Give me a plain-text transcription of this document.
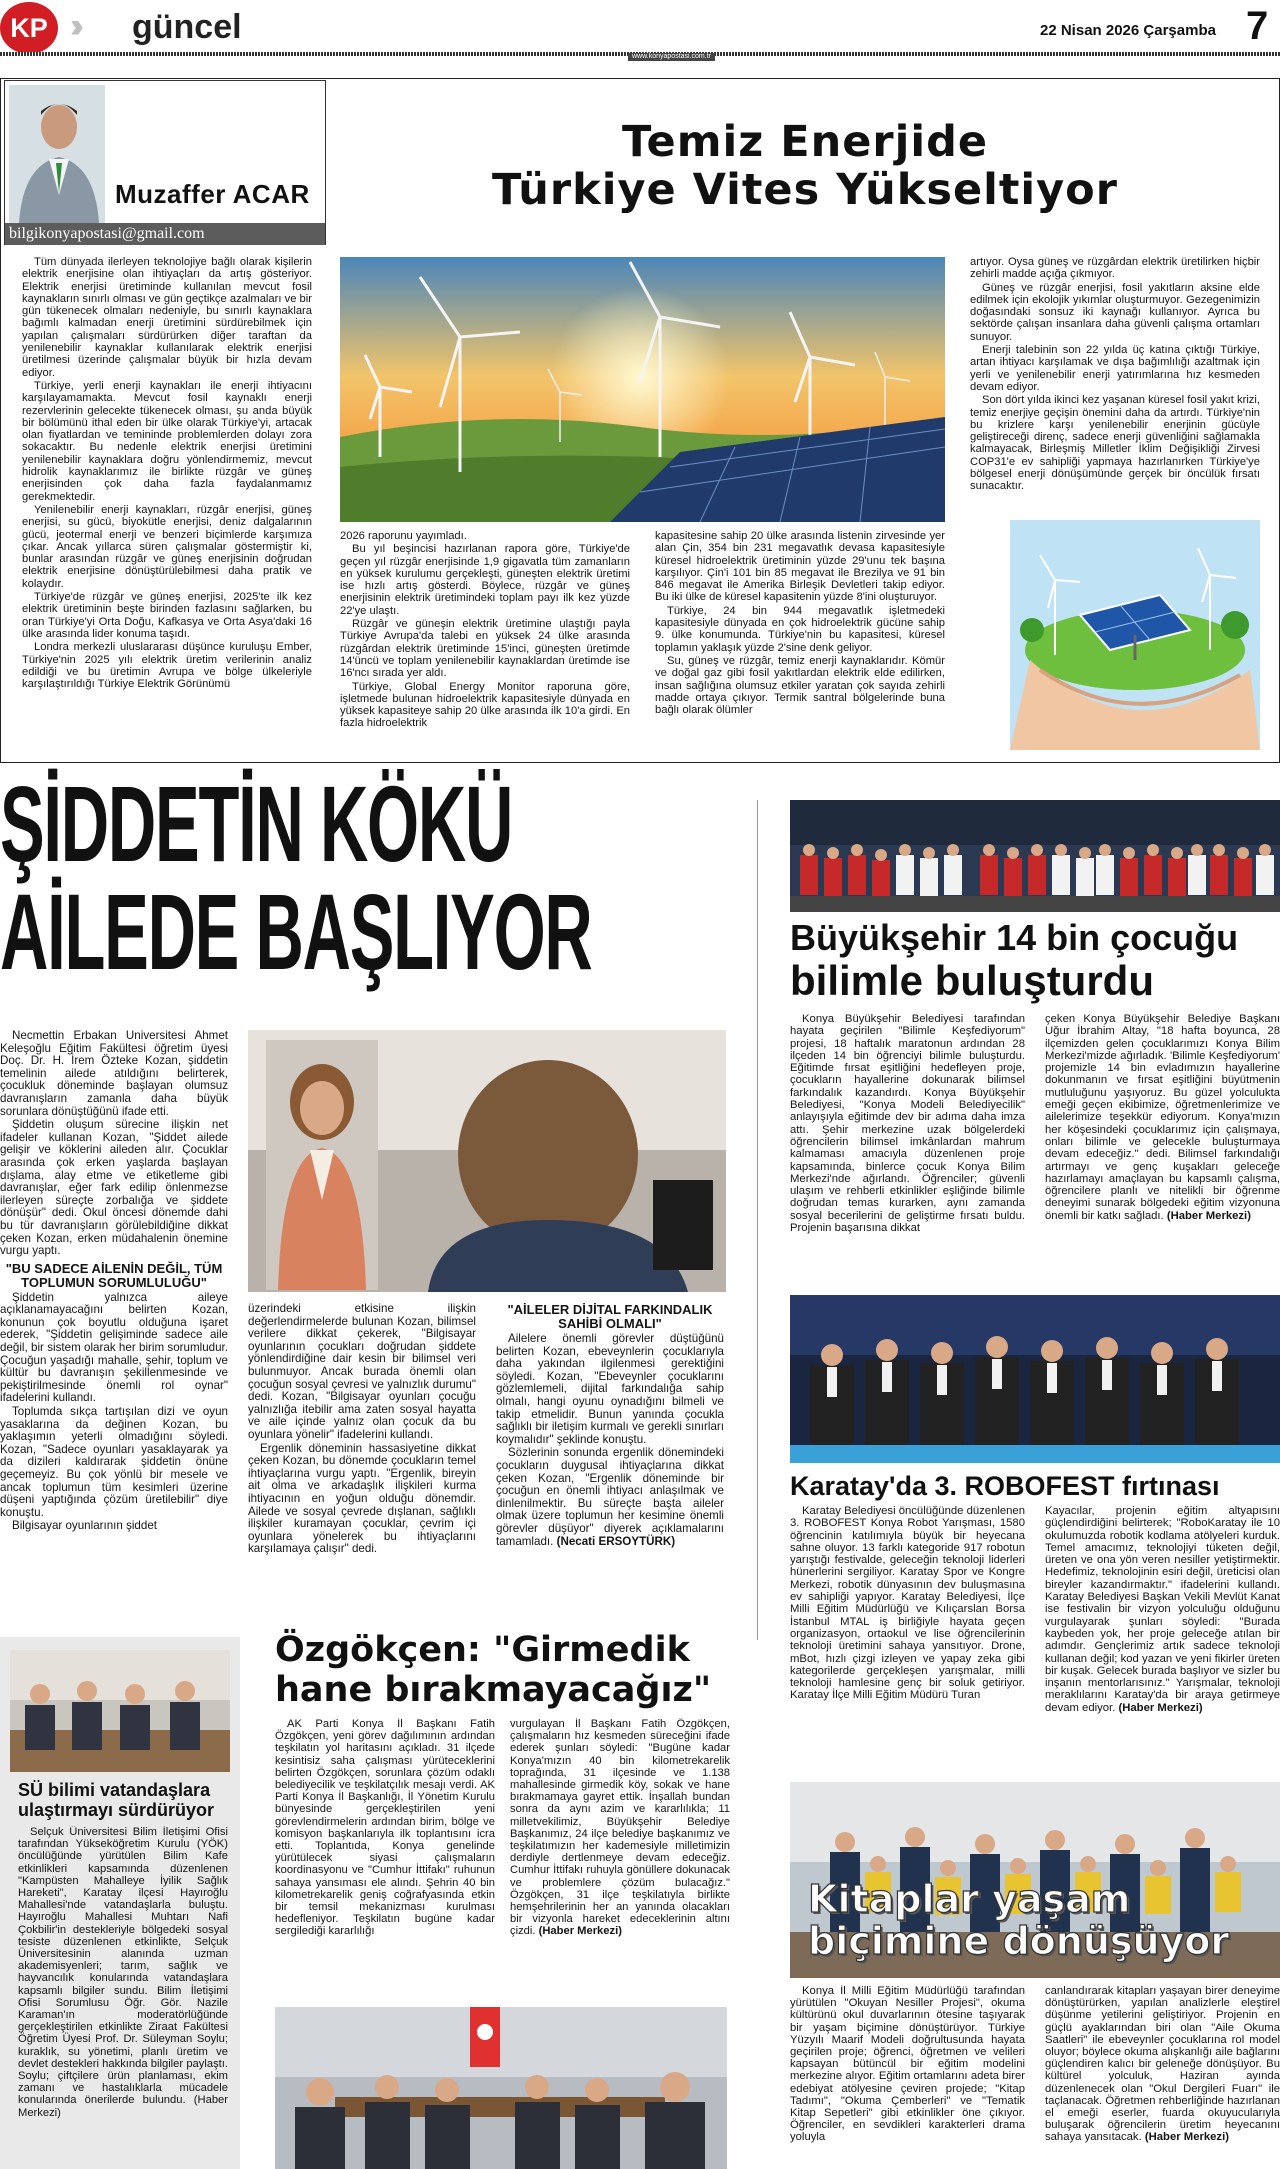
KP ››› güncel	22 Nisan 2026 Çarşamba 7
www.konyapostasi.com.tr
Muzaffer ACAR
bilgikonyapostasi@gmail.com
Temiz Enerjide
Türkiye Vites Yükseltiyor

Tüm dünyada ilerleyen teknolojiye bağlı olarak kişilerin elektrik enerjisine olan ihtiyaçları da artış gösteriyor. Elektrik enerjisi üretiminde kullanılan mevcut fosil kaynakların sınırlı olması ve gün geçtikçe azalmaları ve bir gün tükenecek olmaları nedeniyle, bu sınırlı kaynaklara bağımlı kalmadan enerji üretimini sürdürebilmek için yapılan çalışmaları sürdürürken diğer taraftan da yenilenebilir kaynaklar kullanılarak elektrik enerjisi üretilmesi üzerinde çalışmalar büyük bir hızla devam ediyor.

Türkiye, yerli enerji kaynakları ile enerji ihtiyacını karşılayamamakta. Mevcut fosil kaynaklı enerji rezervlerinin gelecekte tükenecek olması, şu anda büyük bir bölümünü ithal eden bir ülke olarak Türkiye'yi, artacak olan fiyatlardan ve temininde problemlerden dolayı zora sokacaktır. Bu nedenle elektrik enerjisi üretimini yenilenebilir kaynaklara doğru yönlendirmemiz, mevcut hidrolik kaynaklarımız ile birlikte rüzgâr ve güneş enerjisinden çok daha fazla faydalanmamız gerekmektedir.

Yenilenebilir enerji kaynakları, rüzgâr enerjisi, güneş enerjisi, su gücü, biyokütle enerjisi, deniz dalgalarının gücü, jeotermal enerji ve benzeri biçimlerde karşımıza çıkar. Ancak yıllarca süren çalışmalar göstermiştir ki, bunlar arasından rüzgâr ve güneş enerjisinin doğrudan elektrik enerjisine dönüştürülebilmesi daha pratik ve kolaydır.

Türkiye'de rüzgâr ve güneş enerjisi, 2025'te ilk kez elektrik üretiminin beşte birinden fazlasını sağlarken, bu oran Türkiye'yi Orta Doğu, Kafkasya ve Orta Asya'daki 16 ülke arasında lider konuma taşıdı.

Londra merkezli uluslararası düşünce kuruluşu Ember, Türkiye'nin 2025 yılı elektrik üretim verilerinin analiz edildiği ve bu üretimin Avrupa ve bölge ülkeleriyle karşılaştırıldığı Türkiye Elektrik Görünümü

2026 raporunu yayımladı.

Bu yıl beşincisi hazırlanan rapora göre, Türkiye'de geçen yıl rüzgâr enerjisinde 1,9 gigavatla tüm zamanların en yüksek kurulumu gerçekleşti, güneşten elektrik üretimi ise hızlı artış gösterdi. Böylece, rüzgâr ve güneş enerjisinin elektrik üretimindeki toplam payı ilk kez yüzde 22'ye ulaştı.

Rüzgâr ve güneşin elektrik üretimine ulaştığı payla Türkiye Avrupa'da talebi en yüksek 24 ülke arasında rüzgârdan elektrik üretiminde 15'inci, güneşten üretimde 14'üncü ve toplam yenilenebilir kaynaklardan üretimde ise 16'ncı sırada yer aldı.

Türkiye, Global Energy Monitor raporuna göre, işletmede bulunan hidroelektrik kapasitesiyle dünyada en yüksek kapasiteye sahip 20 ülke arasında ilk 10'a girdi. En fazla hidroelektrik

kapasitesine sahip 20 ülke arasında listenin zirvesinde yer alan Çin, 354 bin 231 megavatlık devasa kapasitesiyle küresel hidroelektrik üretiminin yüzde 29'unu tek başına karşılıyor. Çin'i 101 bin 85 megavat ile Brezilya ve 91 bin 846 megavat ile Amerika Birleşik Devletleri takip ediyor. Bu iki ülke de küresel kapasitenin yüzde 8'ini oluşturuyor.

Türkiye, 24 bin 944 megavatlık işletmedeki kapasitesiyle dünyada en çok hidroelektrik gücüne sahip 9. ülke konumunda. Türkiye'nin bu kapasitesi, küresel toplamın yaklaşık yüzde 2'sine denk geliyor.

Su, güneş ve rüzgâr, temiz enerji kaynaklarıdır. Kömür ve doğal gaz gibi fosil yakıtlardan elektrik elde edilirken, insan sağlığına olumsuz etkiler yaratan çok sayıda zehirli madde ortaya çıkıyor. Termik santral bölgelerinde buna bağlı olarak ölümler

artıyor. Oysa güneş ve rüzgârdan elektrik üretilirken hiçbir zehirli madde açığa çıkmıyor.

Güneş ve rüzgâr enerjisi, fosil yakıtların aksine elde edilmek için ekolojik yıkımlar oluşturmuyor. Gezegenimizin doğasındaki sonsuz iki kaynağı kullanıyor. Ayrıca bu sektörde çalışan insanlara daha güvenli çalışma ortamları sunuyor.

Enerji talebinin son 22 yılda üç katına çıktığı Türkiye, artan ihtiyacı karşılamak ve dışa bağımlılığı azaltmak için yerli ve yenilenebilir enerji yatırımlarına hız kesmeden devam ediyor.

Son dört yılda ikinci kez yaşanan küresel fosil yakıt krizi, temiz enerjiye geçişin önemini daha da artırdı. Türkiye'nin bu krizlere karşı yenilenebilir enerjinin gücüyle geliştireceği direnç, sadece enerji güvenliğini sağlamakla kalmayacak, Birleşmiş Milletler İklim Değişikliği Zirvesi COP31'e ev sahipliği yapmaya hazırlanırken Türkiye'ye bölgesel enerji dönüşümünde gerçek bir öncülük fırsatı sunacaktır.

ŞİDDETİN KÖKÜ
AİLEDE BAŞLIYOR

Necmettin Erbakan Üniversitesi Ahmet Keleşoğlu Eğitim Fakültesi öğretim üyesi Doç. Dr. H. İrem Özteke Kozan, şiddetin temelinin ailede atıldığını belirterek, çocukluk döneminde başlayan olumsuz davranışların zamanla daha büyük sorunlara dönüştüğünü ifade etti.

Şiddetin oluşum sürecine ilişkin net ifadeler kullanan Kozan, "Şiddet ailede gelişir ve köklerini aileden alır. Çocuklar arasında çok erken yaşlarda başlayan dışlama, alay etme ve etiketleme gibi davranışlar, eğer fark edilip önlenmezse ilerleyen süreçte zorbalığa ve şiddete dönüşür" dedi. Okul öncesi dönemde dahi bu tür davranışların görülebildiğine dikkat çeken Kozan, erken müdahalenin önemine vurgu yaptı.

"BU SADECE AİLENİN DEĞİL, TÜM TOPLUMUN SORUMLULUĞU"

Şiddetin yalnızca aileye açıklanamayacağını belirten Kozan, konunun çok boyutlu olduğuna işaret ederek, "Şiddetin gelişiminde sadece aile değil, bir sistem olarak her birim sorumludur. Çocuğun yaşadığı mahalle, şehir, toplum ve kültür bu davranışın şekillenmesinde ve pekiştirilmesinde önemli rol oynar" ifadelerini kullandı.

Toplumda sıkça tartışılan dizi ve oyun yasaklarına da değinen Kozan, bu yaklaşımın yeterli olmadığını söyledi. Kozan, "Sadece oyunları yasaklayarak ya da dizileri kaldırarak şiddetin önüne geçemeyiz. Bu çok yönlü bir mesele ve ancak toplumun tüm kesimleri üzerine düşeni yaptığında çözüm üretilebilir" diye konuştu.

Bilgisayar oyunlarının şiddet

üzerindeki etkisine ilişkin değerlendirmelerde bulunan Kozan, bilimsel verilere dikkat çekerek, "Bilgisayar oyunlarının çocukları doğrudan şiddete yönlendirdiğine dair kesin bir bilimsel veri bulunmuyor. Ancak burada önemli olan çocuğun sosyal çevresi ve yalnızlık durumu" dedi. Kozan, "Bilgisayar oyunları çocuğu yalnızlığa itebilir ama zaten sosyal hayatta ve aile içinde yalnız olan çocuk da bu oyunlara yönelir" ifadelerini kullandı.

Ergenlik döneminin hassasiyetine dikkat çeken Kozan, bu dönemde çocukların temel ihtiyaçlarına vurgu yaptı. "Ergenlik, bireyin ait olma ve arkadaşlık ilişkileri kurma ihtiyacının en yoğun olduğu dönemdir. Ailede ve sosyal çevrede dışlanan, sağlıklı ilişkiler kuramayan çocuklar, çevrim içi oyunlara yönelerek bu ihtiyaçlarını karşılamaya çalışır" dedi.

"AİLELER DİJİTAL FARKINDALIK SAHİBİ OLMALI"

Ailelere önemli görevler düştüğünü belirten Kozan, ebeveynlerin çocuklarıyla daha yakından ilgilenmesi gerektiğini söyledi. Kozan, "Ebeveynler çocuklarını gözlemlemeli, dijital farkındalığa sahip olmalı, hangi oyunu oynadığını bilmeli ve takip etmelidir. Bunun yanında çocukla sağlıklı bir iletişim kurmalı ve gerekli sınırları koymalıdır" şeklinde konuştu.

Sözlerinin sonunda ergenlik dönemindeki çocukların duygusal ihtiyaçlarına dikkat çeken Kozan, "Ergenlik döneminde bir çocuğun en önemli ihtiyacı anlaşılmak ve dinlenilmektir. Bu süreçte başta aileler olmak üzere toplumun her kesimine önemli görevler düşüyor" diyerek açıklamalarını tamamladı. (Necati ERSOYTÜRK)

Büyükşehir 14 bin çocuğu
bilimle buluşturdu

Konya Büyükşehir Belediyesi tarafından hayata geçirilen "Bilimle Keşfediyorum" projesi, 18 haftalık maratonun ardından 28 ilçeden 14 bin öğrenciyi bilimle buluşturdu. Eğitimde fırsat eşitliğini hedefleyen proje, çocukların hayallerine dokunarak bilimsel farkındalık kazandırdı. Konya Büyükşehir Belediyesi, "Konya Modeli Belediyecilik" anlayışıyla eğitimde dev bir adıma daha imza attı. Şehir merkezine uzak bölgelerdeki öğrencilerin bilimsel imkânlardan mahrum kalmaması amacıyla düzenlenen proje kapsamında, binlerce çocuk Konya Bilim Merkezi'nde ağırlandı. Öğrenciler; güvenli ulaşım ve rehberli etkinlikler eşliğinde bilimle doğrudan temas kurarken, aynı zamanda sosyal becerilerini de geliştirme fırsatı buldu. Projenin başarısına dikkat

çeken Konya Büyükşehir Belediye Başkanı Uğur İbrahim Altay, "18 hafta boyunca, 28 ilçemizden gelen çocuklarımızı Konya Bilim Merkezi'mizde ağırladık. 'Bilimle Keşfediyorum' projemizle 14 bin evladımızın hayallerine dokunmanın ve fırsat eşitliğini büyütmenin mutluluğunu yaşıyoruz. Bu güzel yolculukta emeği geçen ekibimize, öğretmenlerimize ve ailelerimize teşekkür ediyorum. Konya'mızın her köşesindeki çocuklarımız için çalışmaya, onları bilimle ve gelecekle buluşturmaya devam edeceğiz." dedi. Bilimsel farkındalığı artırmayı ve genç kuşakları geleceğe hazırlamayı amaçlayan bu kapsamlı çalışma, öğrencilere planlı ve nitelikli bir öğrenme deneyimi sunarak bölgedeki eğitim vizyonuna önemli bir katkı sağladı. (Haber Merkezi)

Karatay'da 3. ROBOFEST fırtınası

Karatay Belediyesi öncülüğünde düzenlenen 3. ROBOFEST Konya Robot Yarışması, 1580 öğrencinin katılımıyla büyük bir heyecana sahne oluyor. 13 farklı kategoride 917 robotun yarıştığı festivalde, geleceğin teknoloji liderleri hünerlerini sergiliyor. Karatay Spor ve Kongre Merkezi, robotik dünyasının dev buluşmasına ev sahipliği yapıyor. Karatay Belediyesi, İlçe Milli Eğitim Müdürlüğü ve Kılıçarslan Borsa İstanbul MTAL iş birliğiyle hayata geçen organizasyon, ortaokul ve lise öğrencilerinin teknoloji üretimini sahaya yansıtıyor. Drone, mBot, hızlı çizgi izleyen ve yapay zeka gibi kategorilerde gerçekleşen yarışmalar, milli teknoloji hamlesine genç bir soluk getiriyor. Karatay İlçe Milli Eğitim Müdürü Turan

Kayacılar, projenin eğitim altyapısını güçlendirdiğini belirterek; "RoboKaratay ile 10 okulumuzda robotik kodlama atölyeleri kurduk. Temel amacımız, teknolojiyi tüketen değil, üreten ve ona yön veren nesiller yetiştirmektir. Hedefimiz, teknolojinin esiri değil, üreticisi olan bireyler kazandırmaktır." ifadelerini kullandı. Karatay Belediyesi Başkan Vekili Mevlüt Kanat ise festivalin bir vizyon yolculuğu olduğunu vurgulayarak şunları söyledi: "Burada kaybeden yok, her proje geleceğe atılan bir adımdır. Gençlerimiz artık sadece teknoloji kullanan değil; kod yazan ve yeni fikirler üreten bir kuşak. Gelecek burada başlıyor ve sizler bu inşanın mentorlarısınız." Yarışmalar, teknoloji meraklılarını Karatay'da bir araya getirmeye devam ediyor. (Haber Merkezi)

SÜ bilimi vatandaşlara
ulaştırmayı sürdürüyor

Selçuk Üniversitesi Bilim İletişimi Ofisi tarafından Yükseköğretim Kurulu (YÖK) öncülüğünde yürütülen Bilim Kafe etkinlikleri kapsamında düzenlenen "Kampüsten Mahalleye İyilik Sağlık Hareketi", Karatay ilçesi Hayıroğlu Mahallesi'nde vatandaşlarla buluştu. Hayıroğlu Mahallesi Muhtarı Nafi Çokbilir'in destekleriyle bölgedeki sosyal tesiste düzenlenen etkinlikte, Selçuk Üniversitesinin alanında uzman akademisyenleri; tarım, sağlık ve hayvancılık konularında vatandaşlara kapsamlı bilgiler sundu. Bilim İletişimi Ofisi Sorumlusu Öğr. Gör. Nazile Karaman'ın moderatörlüğünde gerçekleştirilen etkinlikte Ziraat Fakültesi Öğretim Üyesi Prof. Dr. Süleyman Soylu; kuraklık, su yönetimi, planlı üretim ve devlet destekleri hakkında bilgiler paylaştı. Soylu; çiftçilere ürün planlaması, ekim zamanı ve hastalıklarla mücadele konularında önerilerde bulundu. (Haber Merkezi)

Özgökçen: "Girmedik
hane bırakmayacağız"

AK Parti Konya İl Başkanı Fatih Özgökçen, yeni görev dağılımının ardından teşkilatın yol haritasını açıkladı. 31 ilçede kesintisiz saha çalışması yürüteceklerini belirten Özgökçen, sorunlara çözüm odaklı belediyecilik ve teşkilatçılık mesajı verdi. AK Parti Konya İl Başkanlığı, İl Yönetim Kurulu bünyesinde gerçekleştirilen yeni görevlendirmelerin ardından birim, bölge ve komisyon başkanlarıyla ilk toplantısını icra etti. Toplantıda, Konya genelinde yürütülecek siyasi çalışmaların koordinasyonu ve "Cumhur İttifakı" ruhunun sahaya yansıması ele alındı. Şehrin 40 bin kilometrekarelik geniş coğrafyasında etkin bir temsil mekanizması kurulması hedefleniyor. Teşkilatın bugüne kadar sergilediği kararlılığı

vurgulayan İl Başkanı Fatih Özgökçen, çalışmaların hız kesmeden süreceğini ifade ederek şunları söyledi: "Bugüne kadar Konya'mızın 40 bin kilometrekarelik toprağında, 31 ilçesinde ve 1.138 mahallesinde girmedik köy, sokak ve hane bırakmamaya gayret ettik. İnşallah bundan sonra da aynı azim ve kararlılıkla; 11 milletvekilimiz, Büyükşehir Belediye Başkanımız, 24 ilçe belediye başkanımız ve teşkilatımızın her kademesiyle milletimizin derdiyle dertlenmeye devam edeceğiz. Cumhur İttifakı ruhuyla gönüllere dokunacak ve problemlere çözüm bulacağız." Özgökçen, 31 ilçe teşkilatıyla birlikte hemşehrilerinin her an yanında olacakları bir vizyonla hareket edeceklerinin altını çizdi. (Haber Merkezi)

Kitaplar yaşam
biçimine dönüşüyor

Konya İl Milli Eğitim Müdürlüğü tarafından yürütülen "Okuyan Nesiller Projesi", okuma kültürünü okul duvarlarının ötesine taşıyarak bir yaşam biçimine dönüştürüyor. Türkiye Yüzyılı Maarif Modeli doğrultusunda hayata geçirilen proje; öğrenci, öğretmen ve velileri kapsayan bütüncül bir eğitim modelini merkezine alıyor. Eğitim ortamlarını adeta birer edebiyat atölyesine çeviren projede; "Kitap Tadımı", "Okuma Çemberleri" ve "Tematik Kitap Sepetleri" gibi etkinlikler öne çıkıyor. Öğrenciler, en sevdikleri karakterleri drama yoluyla

canlandırarak kitapları yaşayan birer deneyime dönüştürürken, yapılan analizlerle eleştirel düşünme yetilerini geliştiriyor. Projenin en güçlü ayaklarından biri olan "Aile Okuma Saatleri" ile ebeveynler çocuklarına rol model oluyor; böylece okuma alışkanlığı aile bağlarını güçlendiren kalıcı bir geleneğe dönüşüyor. Bu kültürel yolculuk, Haziran ayında düzenlenecek olan "Okul Dergileri Fuarı" ile taçlanacak. Öğretmen rehberliğinde hazırlanan el emeği eserler, fuarda okuyucularıyla buluşarak öğrencilerin üretim heyecanını sahaya yansıtacak. (Haber Merkezi)
